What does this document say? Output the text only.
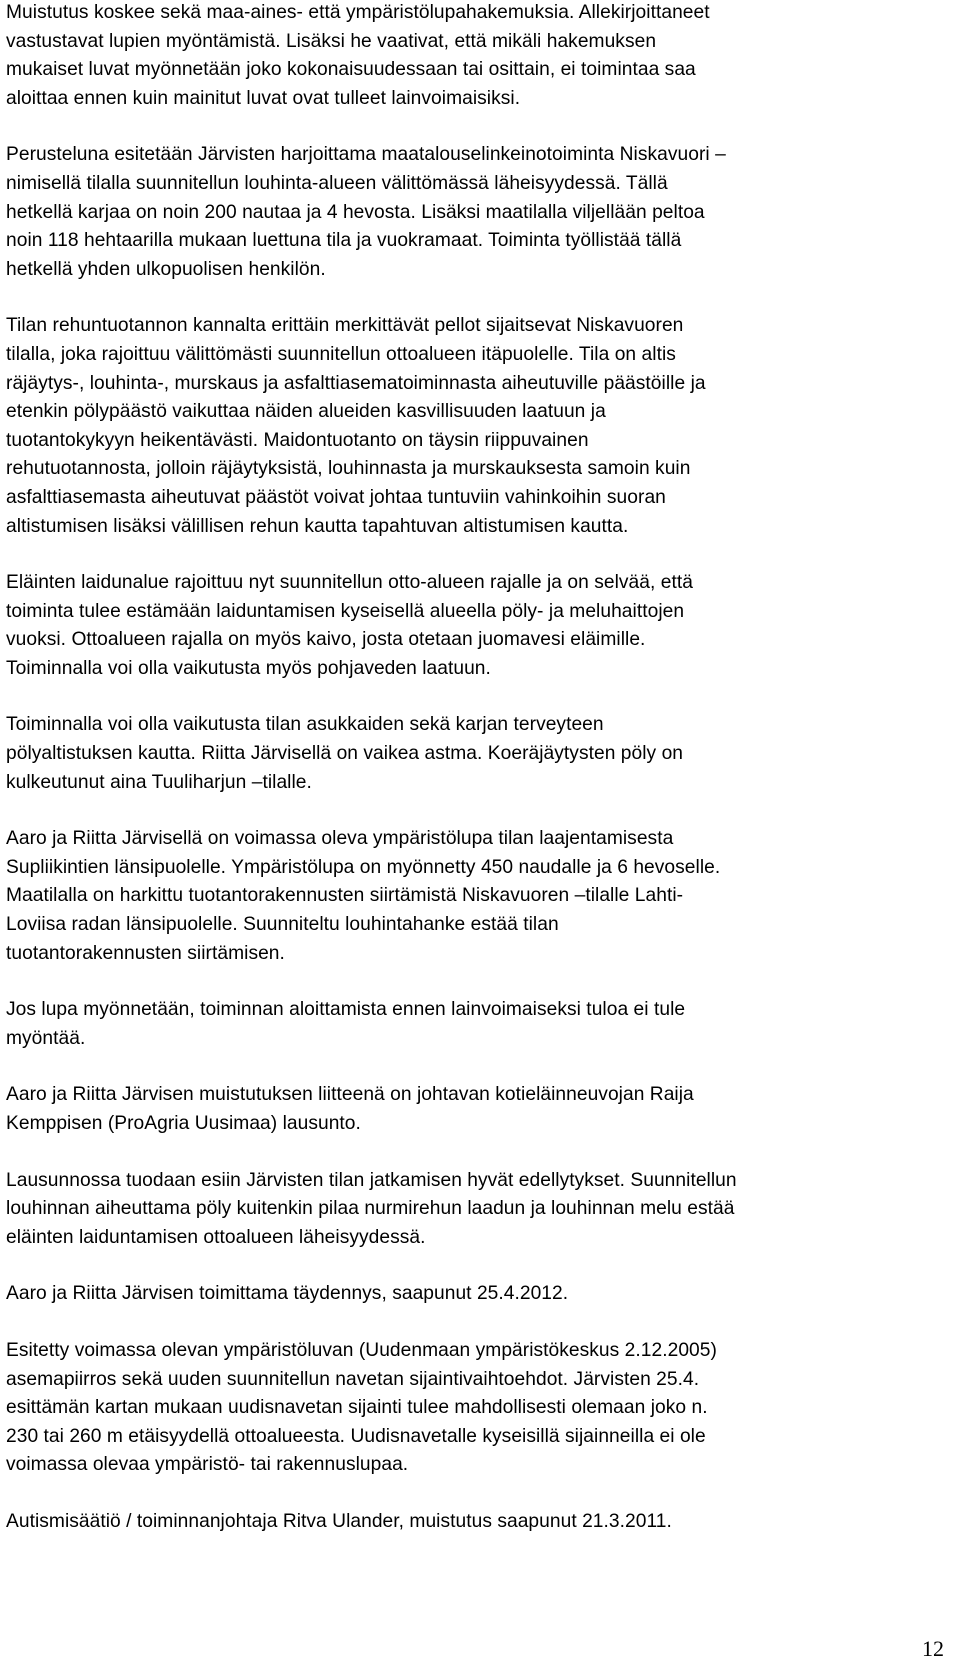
Muistutus koskee sekä maa-aines- että ympäristölupahakemuksia. Allekirjoittaneet
vastustavat lupien myöntämistä. Lisäksi he vaativat, että mikäli hakemuksen
mukaiset luvat myönnetään joko kokonaisuudessaan tai osittain, ei toimintaa saa
aloittaa ennen kuin mainitut luvat ovat tulleet lainvoimaisiksi.

Perusteluna esitetään Järvisten harjoittama maatalouselinkeinotoiminta Niskavuori –
nimisellä tilalla suunnitellun louhinta-alueen välittömässä läheisyydessä. Tällä
hetkellä karjaa on noin 200 nautaa ja 4 hevosta. Lisäksi maatilalla viljellään peltoa
noin 118 hehtaarilla mukaan luettuna tila ja vuokramaat. Toiminta työllistää tällä
hetkellä yhden ulkopuolisen henkilön.

Tilan rehuntuotannon kannalta erittäin merkittävät pellot sijaitsevat Niskavuoren
tilalla, joka rajoittuu välittömästi suunnitellun ottoalueen itäpuolelle. Tila on altis
räjäytys-, louhinta-, murskaus ja asfalttiasematoiminnasta aiheutuville päästöille ja
etenkin pölypäästö vaikuttaa näiden alueiden kasvillisuuden laatuun ja
tuotantokykyyn heikentävästi. Maidontuotanto on täysin riippuvainen
rehutuotannosta, jolloin räjäytyksistä, louhinnasta ja murskauksesta samoin kuin
asfalttiasemasta aiheutuvat päästöt voivat johtaa tuntuviin vahinkoihin suoran
altistumisen lisäksi välillisen rehun kautta tapahtuvan altistumisen kautta.

Eläinten laidunalue rajoittuu nyt suunnitellun otto-alueen rajalle ja on selvää, että
toiminta tulee estämään laiduntamisen kyseisellä alueella pöly- ja meluhaittojen
vuoksi. Ottoalueen rajalla on myös kaivo, josta otetaan juomavesi eläimille.
Toiminnalla voi olla vaikutusta myös pohjaveden laatuun.

Toiminnalla voi olla vaikutusta tilan asukkaiden sekä karjan terveyteen
pölyaltistuksen kautta. Riitta Järvisellä on vaikea astma. Koeräjäytysten pöly on
kulkeutunut aina Tuuliharjun –tilalle.

Aaro ja Riitta Järvisellä on voimassa oleva ympäristölupa tilan laajentamisesta
Supliikintien länsipuolelle. Ympäristölupa on myönnetty 450 naudalle ja 6 hevoselle.
Maatilalla on harkittu tuotantorakennusten siirtämistä Niskavuoren –tilalle Lahti-
Loviisa radan länsipuolelle. Suunniteltu louhintahanke estää tilan
tuotantorakennusten siirtämisen.

Jos lupa myönnetään, toiminnan aloittamista ennen lainvoimaiseksi tuloa ei tule
myöntää.

Aaro ja Riitta Järvisen muistutuksen liitteenä on johtavan kotieläinneuvojan Raija
Kemppisen (ProAgria Uusimaa) lausunto.

Lausunnossa tuodaan esiin Järvisten tilan jatkamisen hyvät edellytykset. Suunnitellun
louhinnan aiheuttama pöly kuitenkin pilaa nurmirehun laadun ja louhinnan melu estää
eläinten laiduntamisen ottoalueen läheisyydessä.

Aaro ja Riitta Järvisen toimittama täydennys, saapunut 25.4.2012.

Esitetty voimassa olevan ympäristöluvan (Uudenmaan ympäristökeskus 2.12.2005)
asemapiirros sekä uuden suunnitellun navetan sijaintivaihtoehdot. Järvisten 25.4.
esittämän kartan mukaan uudisnavetan sijainti tulee mahdollisesti olemaan joko n.
230 tai 260 m etäisyydellä ottoalueesta. Uudisnavetalle kyseisillä sijainneilla ei ole
voimassa olevaa ympäristö- tai rakennuslupaa.

Autismisäätiö / toiminnanjohtaja Ritva Ulander, muistutus saapunut 21.3.2011.

12
